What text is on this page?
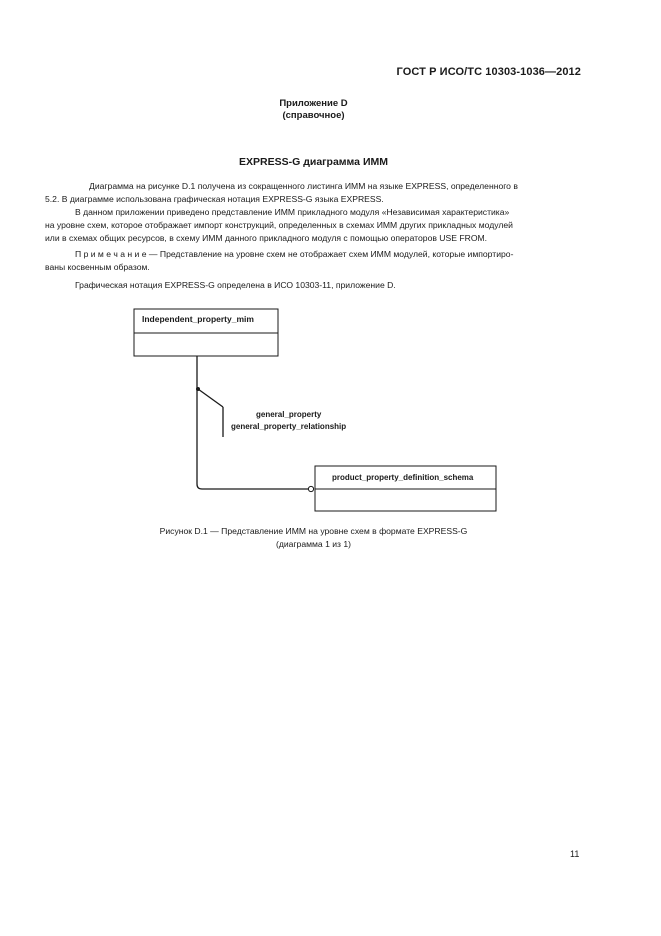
ГОСТ Р ИСО/ТС 10303-1036—2012
Приложение D
(справочное)
EXPRESS-G диаграмма ИММ
Диаграмма на рисунке D.1 получена из сокращенного листинга ИММ на языке EXPRESS, определенного в
5.2. В диаграмме использована графическая нотация EXPRESS-G языка EXPRESS.
В данном приложении приведено представление ИММ прикладного модуля «Независимая характеристика»
на уровне схем, которое отображает импорт конструкций, определенных в схемах ИММ других прикладных модулей
или в схемах общих ресурсов, в схему ИММ данного прикладного модуля с помощью операторов USE FROM.
П р и м е ч а н и е — Представление на уровне схем не отображает схем ИММ модулей, которые импортиро-
ваны косвенным образом.
Графическая нотация EXPRESS-G определена в ИСО 10303-11, приложение D.
Independent_property_mim
general_property
general_property_relationship
product_property_definition_schema
Рисунок D.1 — Представление ИММ на уровне схем в формате EXPRESS-G
(диаграмма 1 из 1)
11
